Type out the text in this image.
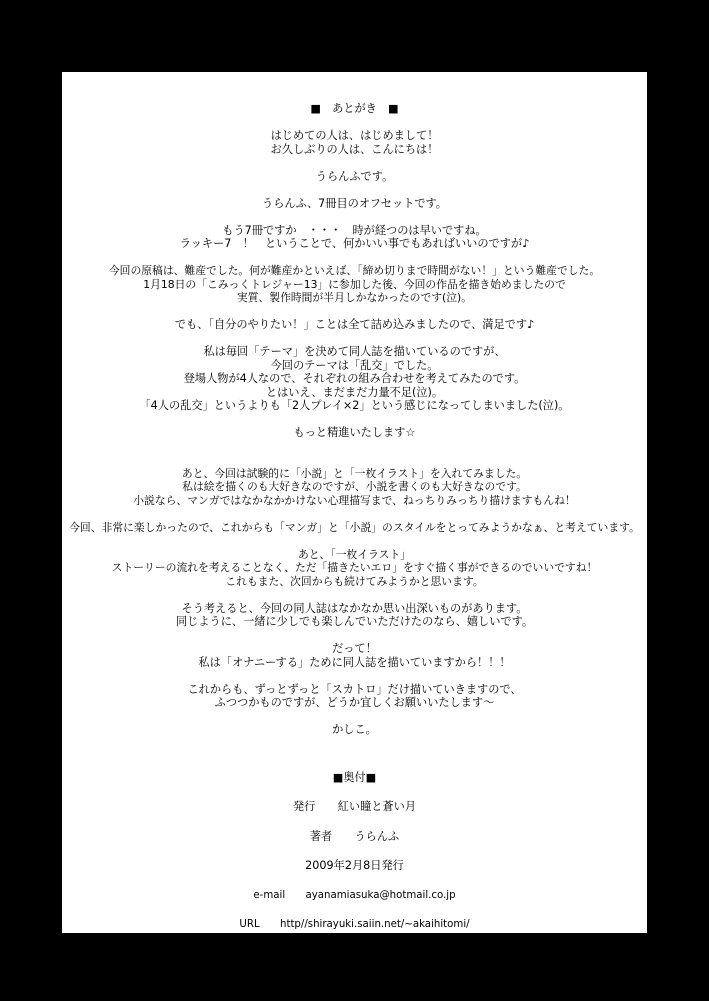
■　あとがき　■

はじめての人は、はじめまして！
お久しぶりの人は、こんにちは！

うらんふです。

うらんふ、7冊目のオフセットです。

もう7冊ですか　・・・　時が経つのは早いですね。
ラッキー7　！　ということで、何かいい事でもあればいいのですが♪

今回の原稿は、難産でした。何が難産かといえば、「締め切りまで時間がない！」という難産でした。
1月18日の「こみっくトレジャー13」に参加した後、今回の作品を描き始めましたので
実質、製作時間が半月しかなかったのです(泣)。

でも、「自分のやりたい！」ことは全て詰め込みましたので、満足です♪

私は毎回「テーマ」を決めて同人誌を描いているのですが、
今回のテーマは「乱交」でした。
登場人物が4人なので、それぞれの組み合わせを考えてみたのです。
とはいえ、まだまだ力量不足(泣)。
「4人の乱交」というよりも「2人プレイ×2」という感じになってしまいました(泣)。

もっと精進いたします☆

あと、今回は試験的に「小説」と「一枚イラスト」を入れてみました。
私は絵を描くのも大好きなのですが、小説を書くのも大好きなのです。
小説なら、マンガではなかなかかけない心理描写まで、ねっちりみっちり描けますもんね！

今回、非常に楽しかったので、これからも「マンガ」と「小説」のスタイルをとってみようかなぁ、と考えています。

あと、「一枚イラスト」
ストーリーの流れを考えることなく、ただ「描きたいエロ」をすぐ描く事ができるのでいいですね！
これもまた、次回からも続けてみようかと思います。

そう考えると、今回の同人誌はなかなか思い出深いものがあります。
同じように、一緒に少しでも楽しんでいただけたのなら、嬉しいです。

だって！
私は「オナニーする」ために同人誌を描いていますから！！！

これからも、ずっとずっと「スカトロ」だけ描いていきますので、
ふつつかものですが、どうか宜しくお願いいたします〜

かしこ。

■奥付■

発行　　紅い瞳と蒼い月

著者　　うらんふ

2009年2月8日発行

e-mail　　ayanamiasuka@hotmail.co.jp

URL　　http//shirayuki.saiin.net/~akaihitomi/

印刷　ねこのしっぽ
